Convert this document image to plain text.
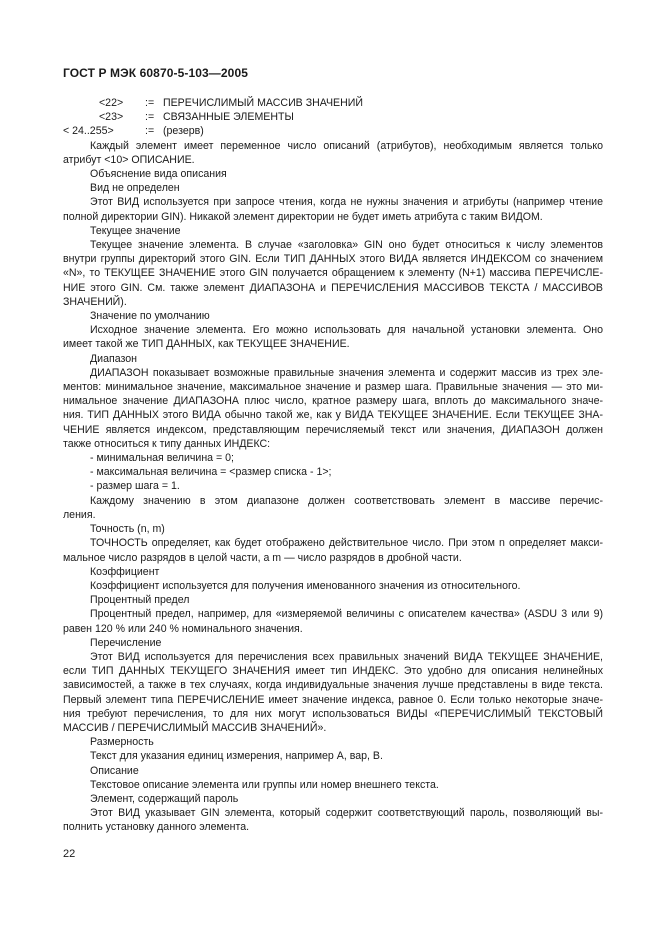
ГОСТ Р МЭК 60870-5-103—2005
<22> := ПЕРЕЧИСЛИМЫЙ МАССИВ ЗНАЧЕНИЙ
<23> := СВЯЗАННЫЕ ЭЛЕМЕНТЫ
< 24..255>	:= (резерв)
Каждый элемент имеет переменное число описаний (атрибутов), необходимым является только
атрибут <10> ОПИСАНИЕ.
Объяснение вида описания
Вид не определен
Этот ВИД используется при запросе чтения, когда не нужны значения и атрибуты (например чтение
полной директории GIN). Никакой элемент директории не будет иметь атрибута с таким ВИДОМ.
Текущее значение
Текущее значение элемента. В случае «заголовка» GIN оно будет относиться к числу элементов
внутри группы директорий этого GIN. Если ТИП ДАННЫХ этого ВИДА является ИНДЕКСОМ со значением
«N», то ТЕКУЩЕЕ ЗНАЧЕНИЕ этого GIN получается обращением к элементу (N+1) массива ПЕРЕЧИСЛЕ-
НИЕ этого GIN. См. также элемент ДИАПАЗОНА и ПЕРЕЧИСЛЕНИЯ МАССИВОВ ТЕКСТА / МАССИВОВ
ЗНАЧЕНИЙ).
Значение по умолчанию
Исходное значение элемента. Его можно использовать для начальной установки элемента. Оно
имеет такой же ТИП ДАННЫХ, как ТЕКУЩЕЕ ЗНАЧЕНИЕ.
Диапазон
ДИАПАЗОН показывает возможные правильные значения элемента и содержит массив из трех эле-
ментов: минимальное значение, максимальное значение и размер шага. Правильные значения — это ми-
нимальное значение ДИАПАЗОНА плюс число, кратное размеру шага, вплоть до максимального значе-
ния. ТИП ДАННЫХ этого ВИДА обычно такой же, как у ВИДА ТЕКУЩЕЕ ЗНАЧЕНИЕ. Если ТЕКУЩЕЕ ЗНА-
ЧЕНИЕ является индексом, представляющим перечисляемый текст или значения, ДИАПАЗОН должен
также относиться к типу данных ИНДЕКС:
- минимальная величина = 0;
- максимальная величина = <размер списка - 1>;
- размер шага = 1.
Каждому значению в этом диапазоне должен соответствовать элемент в массиве перечис-
ления.
Точность (n, m)
ТОЧНОСТЬ определяет, как будет отображено действительное число. При этом n определяет макси-
мальное число разрядов в целой части, а m — число разрядов в дробной части.
Коэффициент
Коэффициент используется для получения именованного значения из относительного.
Процентный предел
Процентный предел, например, для «измеряемой величины с описателем качества» (ASDU 3 или 9)
равен 120 % или 240 % номинального значения.
Перечисление
Этот ВИД используется для перечисления всех правильных значений ВИДА ТЕКУЩЕЕ ЗНАЧЕНИЕ,
если ТИП ДАННЫХ ТЕКУЩЕГО ЗНАЧЕНИЯ имеет тип ИНДЕКС. Это удобно для описания нелинейных
зависимостей, а также в тех случаях, когда индивидуальные значения лучше представлены в виде текста.
Первый элемент типа ПЕРЕЧИСЛЕНИЕ имеет значение индекса, равное 0. Если только некоторые значе-
ния требуют перечисления, то для них могут использоваться ВИДЫ «ПЕРЕЧИСЛИМЫЙ ТЕКСТОВЫЙ
МАССИВ / ПЕРЕЧИСЛИМЫЙ МАССИВ ЗНАЧЕНИЙ».
Размерность
Текст для указания единиц измерения, например A, вар, В.
Описание
Текстовое описание элемента или группы или номер внешнего текста.
Элемент, содержащий пароль
Этот ВИД указывает GIN элемента, который содержит соответствующий пароль, позволяющий вы-
полнить установку данного элемента.
22
